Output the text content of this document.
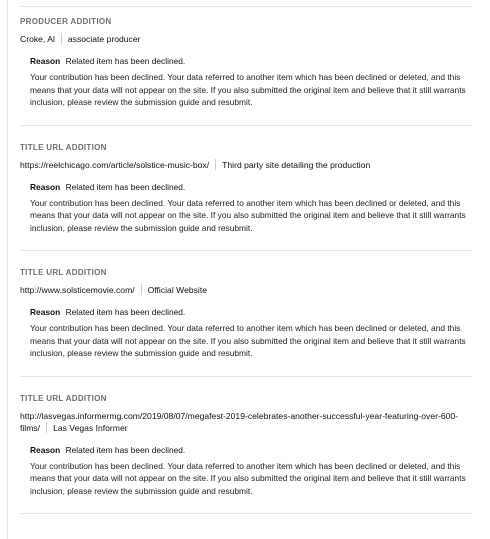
PRODUCER ADDITION
Croke, Al associate producer
Reason Related item has been declined.
Your contribution has been declined. Your data referred to another item which has been declined or deleted, and this means that your data will not appear on the site. If you also submitted the original item and believe that it still warrants inclusion, please review the submission guide and resubmit.
TITLE URL ADDITION
https://reelchicago.com/article/solstice-music-box/ Third party site detailing the production
Reason Related item has been declined.
Your contribution has been declined. Your data referred to another item which has been declined or deleted, and this means that your data will not appear on the site. If you also submitted the original item and believe that it still warrants inclusion, please review the submission guide and resubmit.
TITLE URL ADDITION
http://www.solsticemovie.com/ Official Website
Reason Related item has been declined.
Your contribution has been declined. Your data referred to another item which has been declined or deleted, and this means that your data will not appear on the site. If you also submitted the original item and believe that it still warrants inclusion, please review the submission guide and resubmit.
TITLE URL ADDITION
http://lasvegas.informermg.com/2019/08/07/megafest-2019-celebrates-another-successful-year-featuring-over-600-films/ Las Vegas Informer
Reason Related item has been declined.
Your contribution has been declined. Your data referred to another item which has been declined or deleted, and this means that your data will not appear on the site. If you also submitted the original item and believe that it still warrants inclusion, please review the submission guide and resubmit.
